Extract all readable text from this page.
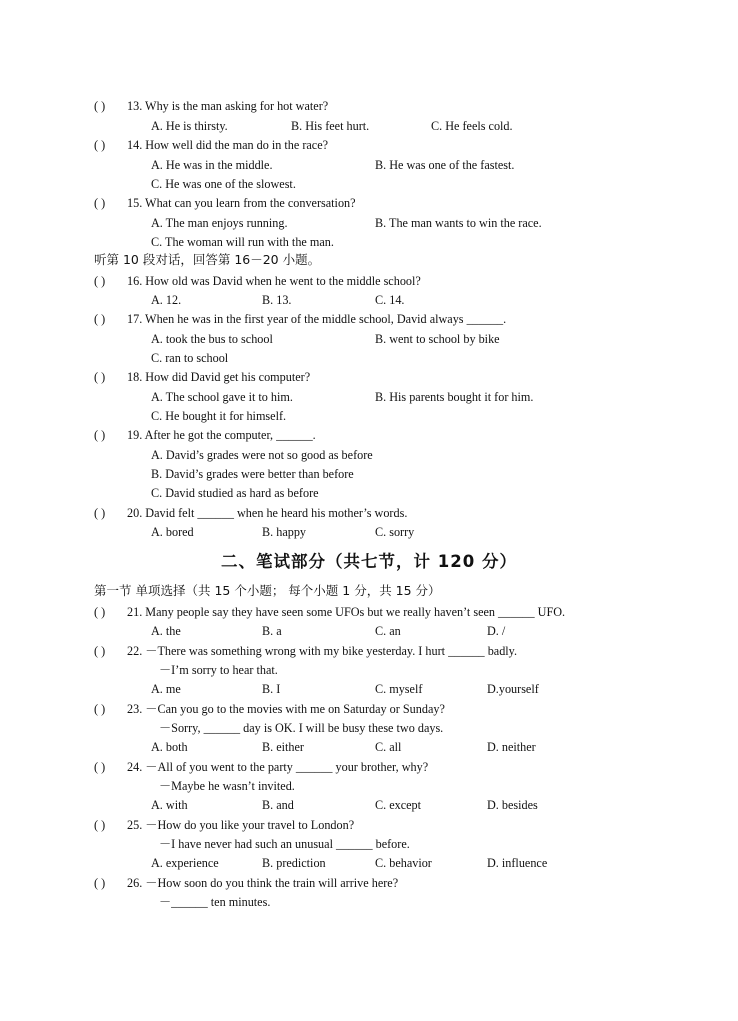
( ) 13. Why is the man asking for hot water?
A. He is thirsty.	B. His feet hurt.	C. He feels cold.
( ) 14. How well did the man do in the race?
A. He was in the middle.	B. He was one of the fastest.
C. He was one of the slowest.
( ) 15. What can you learn from the conversation?
A. The man enjoys running.	B. The man wants to win the race.
C. The woman will run with the man.
听第 10 段对话，回答第 16－20 小题。
( ) 16. How old was David when he went to the middle school?
A. 12.	B. 13.	C. 14.
( ) 17. When he was in the first year of the middle school, David always ______.
A. took the bus to school	B. went to school by bike
C. ran to school
( ) 18. How did David get his computer?
A. The school gave it to him.	B. His parents bought it for him.
C. He bought it for himself.
( ) 19. After he got the computer, ______.
A. David’s grades were not so good as before
B. David’s grades were better than before
C. David studied as hard as before
( ) 20. David felt ______ when he heard his mother’s words.
A. bored	B. happy	C. sorry
二、笔试部分（共七节，计 120 分）
第一节 单项选择（共 15 个小题； 每个小题 1 分，共 15 分）
( ) 21. Many people say they have seen some UFOs but we really haven’t seen ______ UFO.
A. the	B. a	C. an	D. /
( ) 22. －There was something wrong with my bike yesterday. I hurt ______ badly.
－I’m sorry to hear that.
A. me	B. I	C. myself	D.yourself
( ) 23. －Can you go to the movies with me on Saturday or Sunday?
－Sorry, ______ day is OK. I will be busy these two days.
A. both	B. either	C. all	D. neither
( ) 24. －All of you went to the party ______ your brother, why?
－Maybe he wasn’t invited.
A. with	B. and	C. except	D. besides
( ) 25. －How do you like your travel to London?
－I have never had such an unusual ______ before.
A. experience	B. prediction	C. behavior	D. influence
( ) 26. －How soon do you think the train will arrive here?
－______ ten minutes.
